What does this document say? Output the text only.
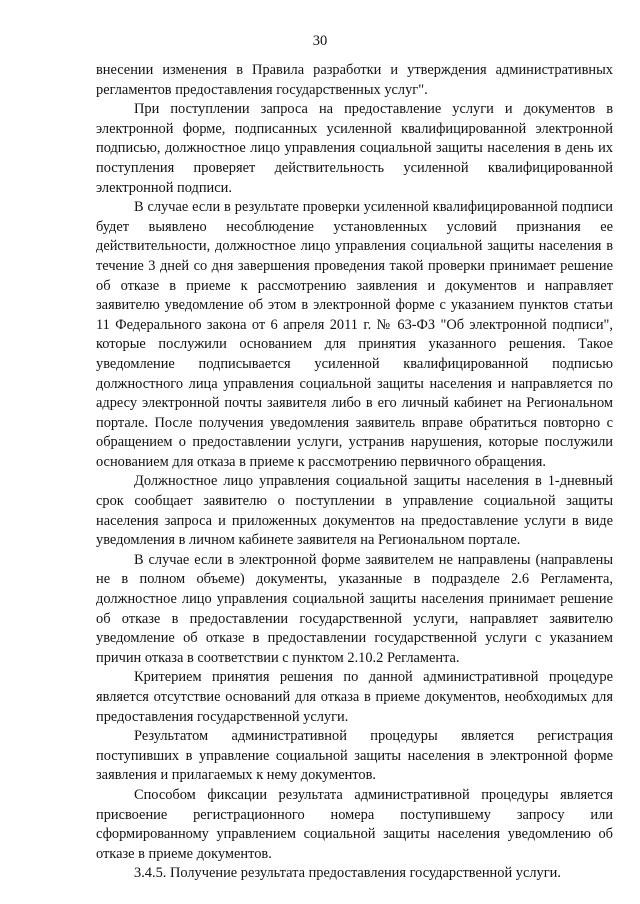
30

внесении изменения в Правила разработки и утверждения административных регламентов предоставления государственных услуг".

При поступлении запроса на предоставление услуги и документов в электронной форме, подписанных усиленной квалифицированной электронной подписью, должностное лицо управления социальной защиты населения в день их поступления проверяет действительность усиленной квалифицированной электронной подписи.

В случае если в результате проверки усиленной квалифицированной подписи будет выявлено несоблюдение установленных условий признания ее действительности, должностное лицо управления социальной защиты населения в течение 3 дней со дня завершения проведения такой проверки принимает решение об отказе в приеме к рассмотрению заявления и документов и направляет заявителю уведомление об этом в электронной форме с указанием пунктов статьи 11 Федерального закона от 6 апреля 2011 г. № 63-ФЗ "Об электронной подписи", которые послужили основанием для принятия указанного решения. Такое уведомление подписывается усиленной квалифицированной подписью должностного лица управления социальной защиты населения и направляется по адресу электронной почты заявителя либо в его личный кабинет на Региональном портале. После получения уведомления заявитель вправе обратиться повторно с обращением о предоставлении услуги, устранив нарушения, которые послужили основанием для отказа в приеме к рассмотрению первичного обращения.

Должностное лицо управления социальной защиты населения в 1-дневный срок сообщает заявителю о поступлении в управление социальной защиты населения запроса и приложенных документов на предоставление услуги в виде уведомления в личном кабинете заявителя на Региональном портале.

В случае если в электронной форме заявителем не направлены (направлены не в полном объеме) документы, указанные в подразделе 2.6 Регламента, должностное лицо управления социальной защиты населения принимает решение об отказе в предоставлении государственной услуги, направляет заявителю уведомление об отказе в предоставлении государственной услуги с указанием причин отказа в соответствии с пунктом 2.10.2 Регламента.

Критерием принятия решения по данной административной процедуре является отсутствие оснований для отказа в приеме документов, необходимых для предоставления государственной услуги.

Результатом административной процедуры является регистрация поступивших в управление социальной защиты населения в электронной форме заявления и прилагаемых к нему документов.

Способом фиксации результата административной процедуры является присвоение регистрационного номера поступившему запросу или сформированному управлением социальной защиты населения уведомлению об отказе в приеме документов.

3.4.5. Получение результата предоставления государственной услуги.
